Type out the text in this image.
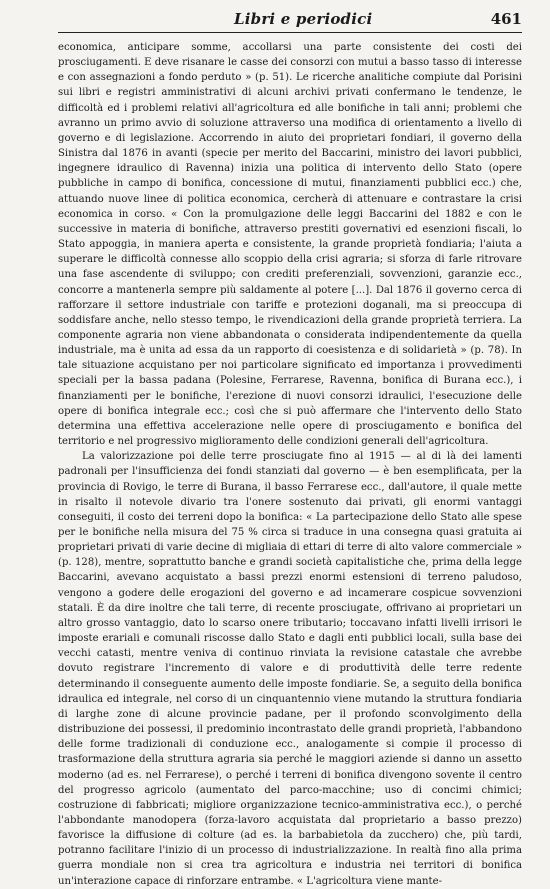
Libri e periodici	461

economica, anticipare somme, accollarsi una parte consistente dei costi dei prosciugamenti. E deve risanare le casse dei consorzi con mutui a basso tasso di interesse e con assegnazioni a fondo perduto » (p. 51). Le ricerche analitiche compiute dal Porisini sui libri e registri amministrativi di alcuni archivi privati confermano le tendenze, le difficoltà ed i problemi relativi all'agricoltura ed alle bonifiche in tali anni; problemi che avranno un primo avvio di soluzione attraverso una modifica di orientamento a livello di governo e di legislazione. Accorrendo in aiuto dei proprietari fondiari, il governo della Sinistra dal 1876 in avanti (specie per merito del Baccarini, ministro dei lavori pubblici, ingegnere idraulico di Ravenna) inizia una politica di intervento dello Stato (opere pubbliche in campo di bonifica, concessione di mutui, finanziamenti pubblici ecc.) che, attuando nuove linee di politica economica, cercherà di attenuare e contrastare la crisi economica in corso. « Con la promulgazione delle leggi Baccarini del 1882 e con le successive in materia di bonifiche, attraverso prestiti governativi ed esenzioni fiscali, lo Stato appoggia, in maniera aperta e consistente, la grande proprietà fondiaria; l'aiuta a superare le difficoltà connesse allo scoppio della crisi agraria; si sforza di farle ritrovare una fase ascendente di sviluppo; con crediti preferenziali, sovvenzioni, garanzie ecc., concorre a mantenerla sempre più saldamente al potere [...]. Dal 1876 il governo cerca di rafforzare il settore industriale con tariffe e protezioni doganali, ma si preoccupa di soddisfare anche, nello stesso tempo, le rivendicazioni della grande proprietà terriera. La componente agraria non viene abbandonata o considerata indipendentemente da quella industriale, ma è unita ad essa da un rapporto di coesistenza e di solidarietà » (p. 78). In tale situazione acquistano per noi particolare significato ed importanza i provvedimenti speciali per la bassa padana (Polesine, Ferrarese, Ravenna, bonifica di Burana ecc.), i finanziamenti per le bonifiche, l'erezione di nuovi consorzi idraulici, l'esecuzione delle opere di bonifica integrale ecc.; così che si può affermare che l'intervento dello Stato determina una effettiva accelerazione nelle opere di prosciugamento e bonifica del territorio e nel progressivo miglioramento delle condizioni generali dell'agricoltura.

La valorizzazione poi delle terre prosciugate fino al 1915 — al di là dei lamenti padronali per l'insufficienza dei fondi stanziati dal governo — è ben esemplificata, per la provincia di Rovigo, le terre di Burana, il basso Ferrarese ecc., dall'autore, il quale mette in risalto il notevole divario tra l'onere sostenuto dai privati, gli enormi vantaggi conseguiti, il costo dei terreni dopo la bonifica: « La partecipazione dello Stato alle spese per le bonifiche nella misura del 75 % circa si traduce in una consegna quasi gratuita ai proprietari privati di varie decine di migliaia di ettari di terre di alto valore commerciale » (p. 128), mentre, soprattutto banche e grandi società capitalistiche che, prima della legge Baccarini, avevano acquistato a bassi prezzi enormi estensioni di terreno paludoso, vengono a godere delle erogazioni del governo e ad incamerare cospicue sovvenzioni statali. È da dire inoltre che tali terre, di recente prosciugate, offrivano ai proprietari un altro grosso vantaggio, dato lo scarso onere tributario; toccavano infatti livelli irrisori le imposte erariali e comunali riscosse dallo Stato e dagli enti pubblici locali, sulla base dei vecchi catasti, mentre veniva di continuo rinviata la revisione catastale che avrebbe dovuto registrare l'incremento di valore e di produttività delle terre redente determinando il conseguente aumento delle imposte fondiarie. Se, a seguito della bonifica idraulica ed integrale, nel corso di un cinquantennio viene mutando la struttura fondiaria di larghe zone di alcune provincie padane, per il profondo sconvolgimento della distribuzione dei possessi, il predominio incontrastato delle grandi proprietà, l'abbandono delle forme tradizionali di conduzione ecc., analogamente si compie il processo di trasformazione della struttura agraria sia perché le maggiori aziende si danno un assetto moderno (ad es. nel Ferrarese), o perché i terreni di bonifica divengono sovente il centro del progresso agricolo (aumentato del parco-macchine; uso di concimi chimici; costruzione di fabbricati; migliore organizzazione tecnico-amministrativa ecc.), o perché l'abbondante manodopera (forza-lavoro acquistata dal proprietario a basso prezzo) favorisce la diffusione di colture (ad es. la barbabietola da zucchero) che, più tardi, potranno facilitare l'inizio di un processo di industrializzazione. In realtà fino alla prima guerra mondiale non si crea tra agricoltura e industria nei territori di bonifica un'interazione capace di rinforzare entrambe. « L'agricoltura viene mante-
